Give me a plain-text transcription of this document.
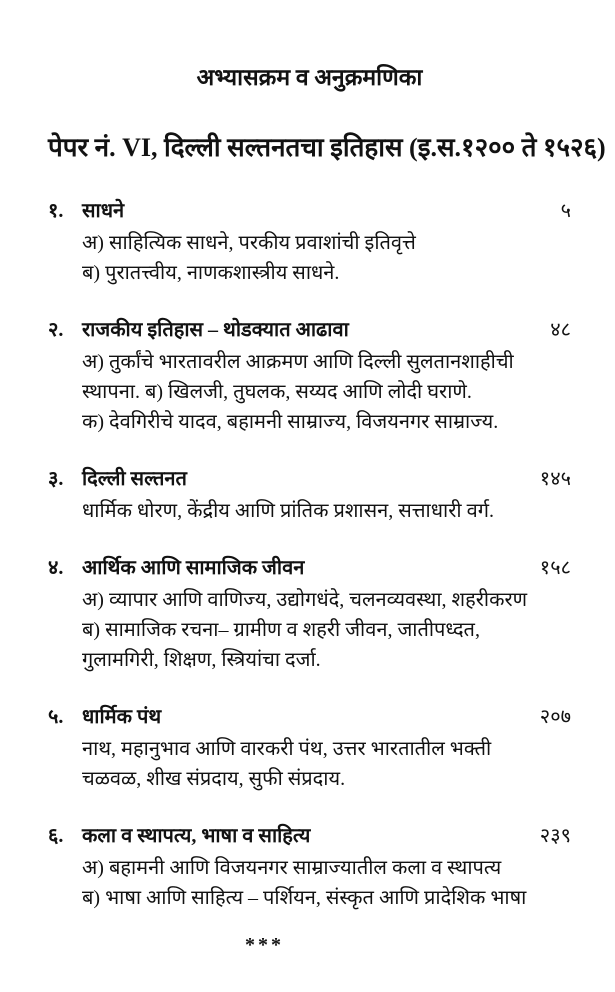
अभ्यासक्रम व अनुक्रमणिका
पेपर नं. VI, दिल्ली सल्तनतचा इतिहास (इ.स.१२०० ते १५२६)
१. साधने	५
अ) साहित्यिक साधने, परकीय प्रवाशांची इतिवृत्ते
ब) पुरातत्त्वीय, नाणकशास्त्रीय साधने.
२. राजकीय इतिहास – थोडक्यात आढावा	४८
अ) तुर्कांचे भारतावरील आक्रमण आणि दिल्ली सुलतानशाहीची
स्थापना. ब) खिलजी, तुघलक, सय्यद आणि लोदी घराणे.
क) देवगिरीचे यादव, बहामनी साम्राज्य, विजयनगर साम्राज्य.
३. दिल्ली सल्तनत	१४५
धार्मिक धोरण, केंद्रीय आणि प्रांतिक प्रशासन, सत्ताधारी वर्ग.
४. आर्थिक आणि सामाजिक जीवन	१५८
अ) व्यापार आणि वाणिज्य, उद्योगधंदे, चलनव्यवस्था, शहरीकरण
ब) सामाजिक रचना– ग्रामीण व शहरी जीवन, जातीपध्दत,
गुलामगिरी, शिक्षण, स्त्रियांचा दर्जा.
५. धार्मिक पंथ	२०७
नाथ, महानुभाव आणि वारकरी पंथ, उत्तर भारतातील भक्ती
चळवळ, शीख संप्रदाय, सुफी संप्रदाय.
६. कला व स्थापत्य, भाषा व साहित्य	२३९
अ) बहामनी आणि विजयनगर साम्राज्यातील कला व स्थापत्य
ब) भाषा आणि साहित्य – पर्शियन, संस्कृत आणि प्रादेशिक भाषा
***
